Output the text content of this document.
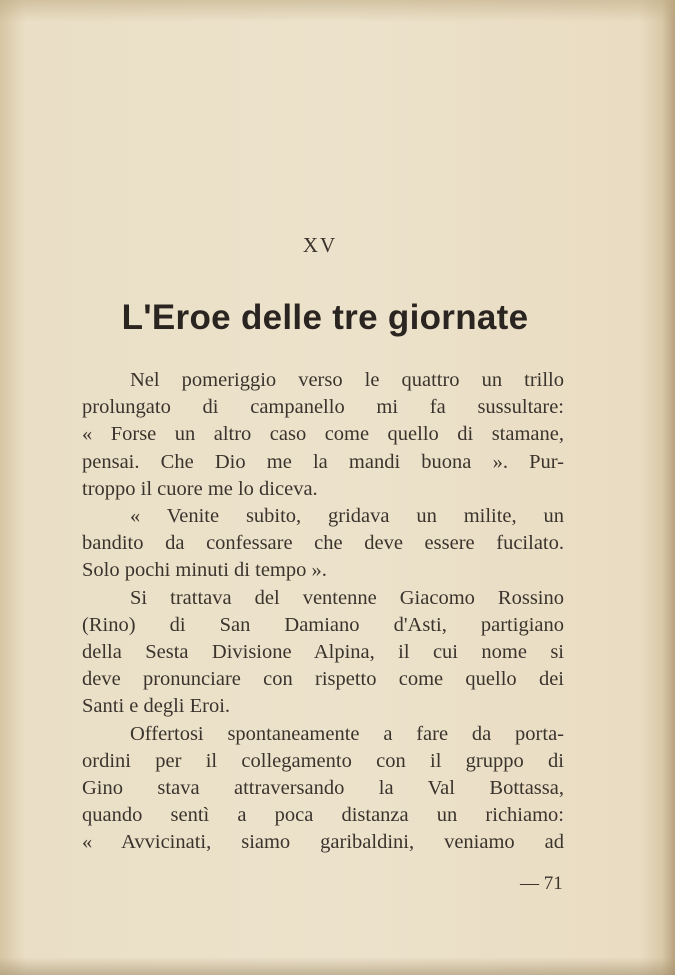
XV
L'Eroe delle tre giornate
Nel pomeriggio verso le quattro un trillo
prolungato di campanello mi fa sussultare:
« Forse un altro caso come quello di stamane,
pensai. Che Dio me la mandi buona ». Pur-
troppo il cuore me lo diceva.
« Venite subito, gridava un milite, un
bandito da confessare che deve essere fucilato.
Solo pochi minuti di tempo ».
Si trattava del ventenne Giacomo Rossino
(Rino) di San Damiano d'Asti, partigiano
della Sesta Divisione Alpina, il cui nome si
deve pronunciare con rispetto come quello dei
Santi e degli Eroi.
Offertosi spontaneamente a fare da porta-
ordini per il collegamento con il gruppo di
Gino stava attraversando la Val Bottassa,
quando sentì a poca distanza un richiamo:
« Avvicinati, siamo garibaldini, veniamo ad
— 71
